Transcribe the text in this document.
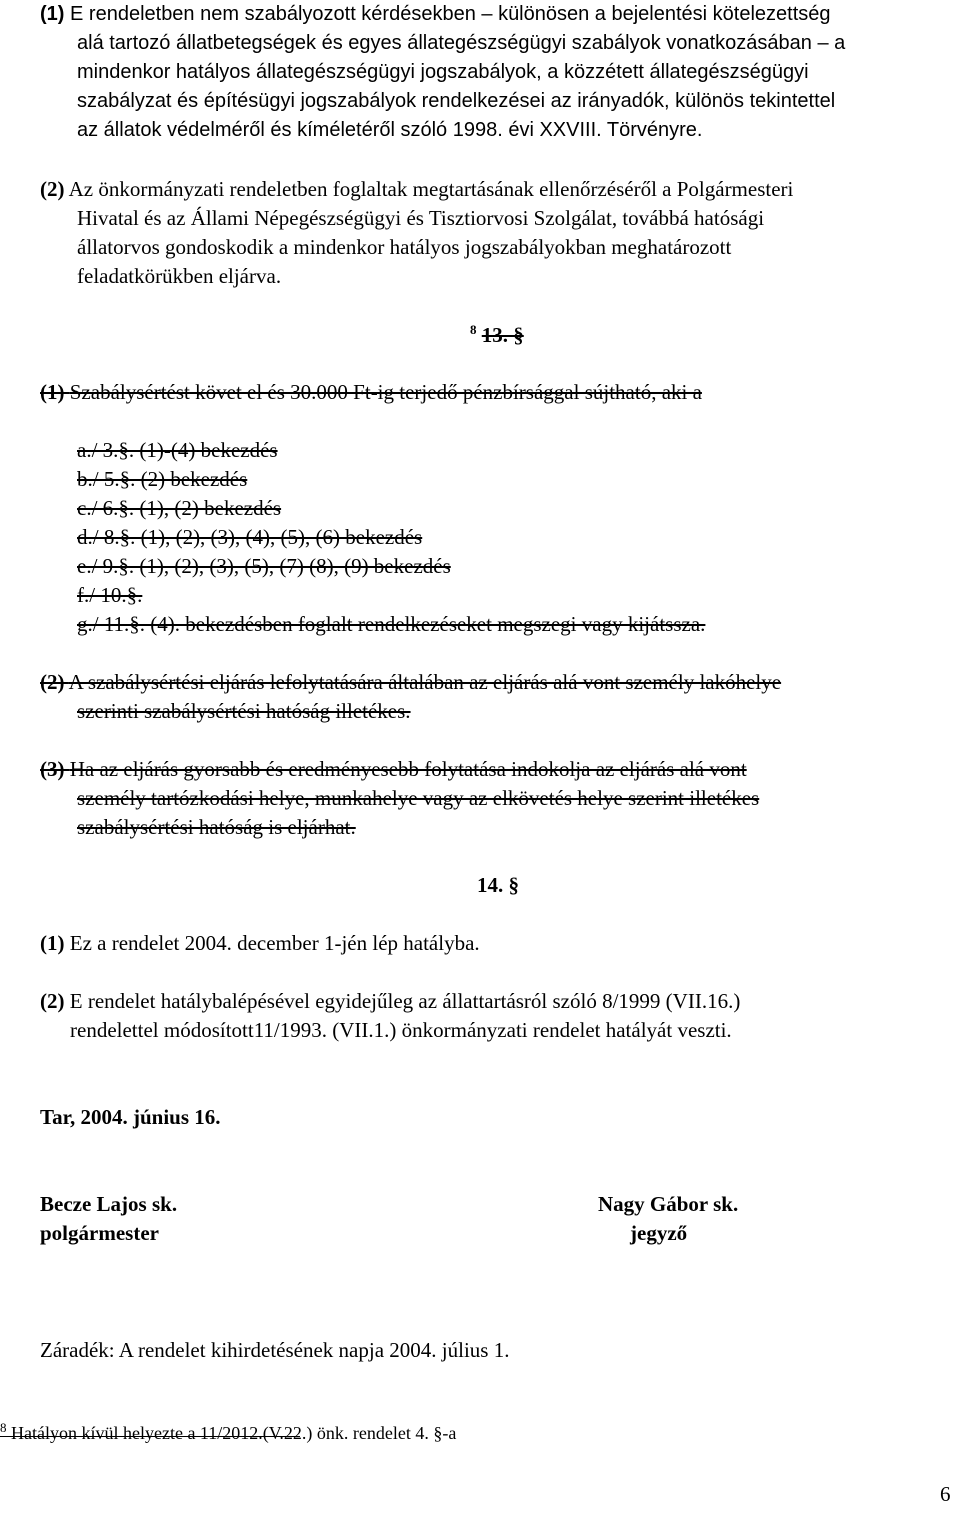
(1) E rendeletben nem szabályozott kérdésekben – különösen a bejelentési kötelezettség
alá tartozó állatbetegségek és egyes állategészségügyi szabályok vonatkozásában – a
mindenkor hatályos állategészségügyi jogszabályok, a közzétett állategészségügyi
szabályzat és építésügyi jogszabályok rendelkezései az irányadók, különös tekintettel
az állatok védelméről és kíméletéről szóló 1998. évi XXVIII. Törvényre.
(2) Az önkormányzati rendeletben foglaltak megtartásának ellenőrzéséről a Polgármesteri
Hivatal és az Állami Népegészségügyi és Tisztiorvosi Szolgálat, továbbá hatósági
állatorvos gondoskodik a mindenkor hatályos jogszabályokban meghatározott
feladatkörükben eljárva.
$^8$ 13. §
(1) Szabálysértést követ el és 30.000 Ft-ig terjedő pénzbírsággal sújtható, aki a
a./ 3.§. (1)-(4) bekezdés
b./ 5.§. (2) bekezdés
c./ 6.§. (1), (2) bekezdés
d./ 8.§. (1), (2), (3), (4), (5), (6) bekezdés
e./ 9.§. (1), (2), (3), (5), (7) (8), (9) bekezdés
f./ 10.§.
g./ 11.§. (4). bekezdésben foglalt rendelkezéseket megszegi vagy kijátssza.
(2) A szabálysértési eljárás lefolytatására általában az eljárás alá vont személy lakóhelye
szerinti szabálysértési hatóság illetékes.
(3) Ha az eljárás gyorsabb és eredményesebb folytatása indokolja az eljárás alá vont
személy tartózkodási helye, munkahelye vagy az elkövetés helye szerint illetékes
szabálysértési hatóság is eljárhat.
14. §
(1) Ez a rendelet 2004. december 1-jén lép hatályba.
(2) E rendelet hatálybalépésével egyidejűleg az állattartásról szóló 8/1999 (VII.16.)
rendelettel módosított11/1993. (VII.1.) önkormányzati rendelet hatályát veszti.
Tar, 2004. június 16.
Becze Lajos sk.
polgármester
Nagy Gábor sk.
jegyző
Záradék: A rendelet kihirdetésének napja 2004. július 1.
$^8$ Hatályon kívül helyezte a 11/2012.(V.22.) önk. rendelet 4. §-a
6
